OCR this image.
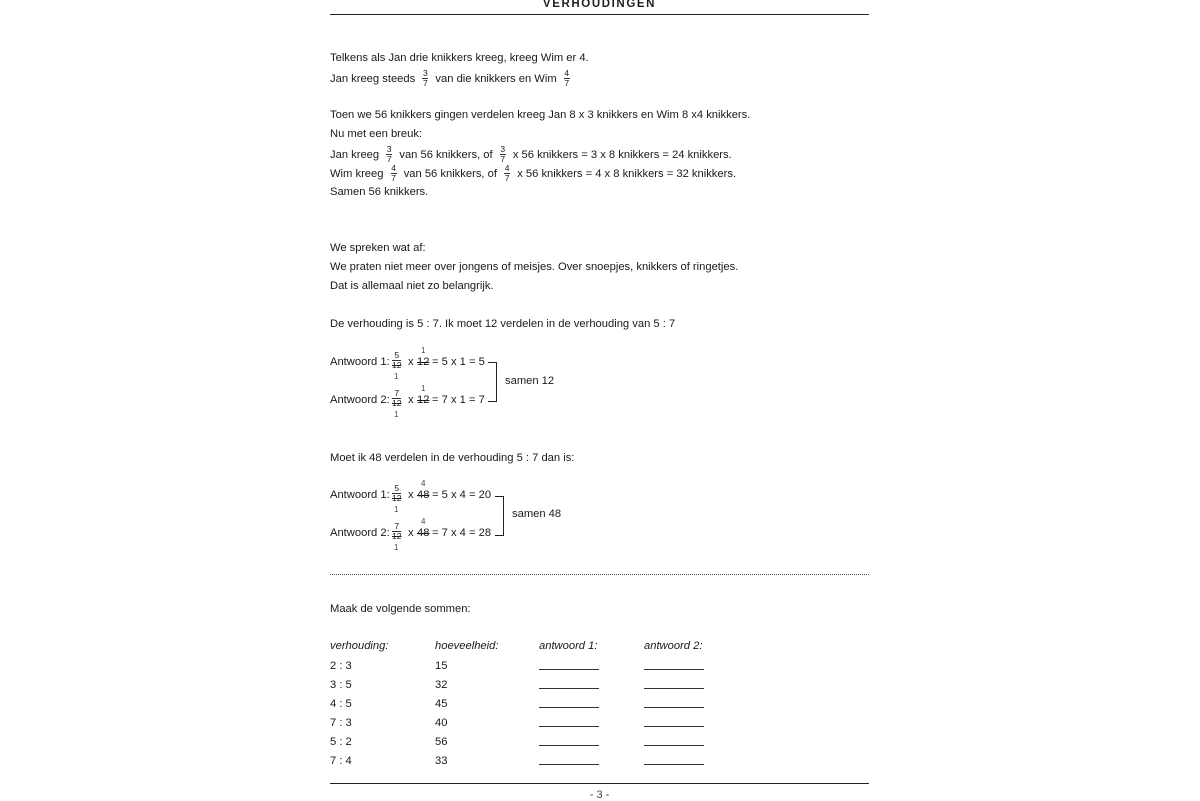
VERHOUDINGEN
Telkens als Jan drie knikkers kreeg, kreeg Wim er 4.
Jan kreeg steeds $\frac{3}{7}$ van die knikkers en Wim $\frac{4}{7}$
Toen we 56 knikkers gingen verdelen kreeg Jan 8 x 3 knikkers en Wim 8 x4 knikkers.
Nu met een breuk:
Jan kreeg $\frac{3}{7}$ van 56 knikkers, of $\frac{3}{7}$ x 56 knikkers = 3 x 8 knikkers = 24 knikkers.
Wim kreeg $\frac{4}{7}$ van 56 knikkers, of $\frac{4}{7}$ x 56 knikkers = 4 x 8 knikkers = 32 knikkers.
Samen 56 knikkers.
We spreken wat af:
We praten niet meer over jongens of meisjes. Over snoepjes, knikkers of ringetjes.
Dat is allemaal niet zo belangrijk.
De verhouding is 5 : 7. Ik moet 12 verdelen in de verhouding van 5 : 7
Antwoord 1:
5
12
1
x 12
1
= 5 x 1 = 5
Antwoord 2:
7
12
1
x 12
1
= 7 x 1 = 7
samen 12
Moet ik 48 verdelen in de verhouding 5 : 7 dan is:
Antwoord 1:
5
12
1
x 48
4
= 5 x 4 = 20
Antwoord 2:
7
12
1
x 48
4
= 7 x 4 = 28
samen 48
Maak de volgende sommen:
verhouding:	hoeveelheid:	antwoord 1:	antwoord 2:
2 : 3	15
3 : 5	32
4 : 5	45
7 : 3	40
5 : 2	56
7 : 4	33
- 3 -
